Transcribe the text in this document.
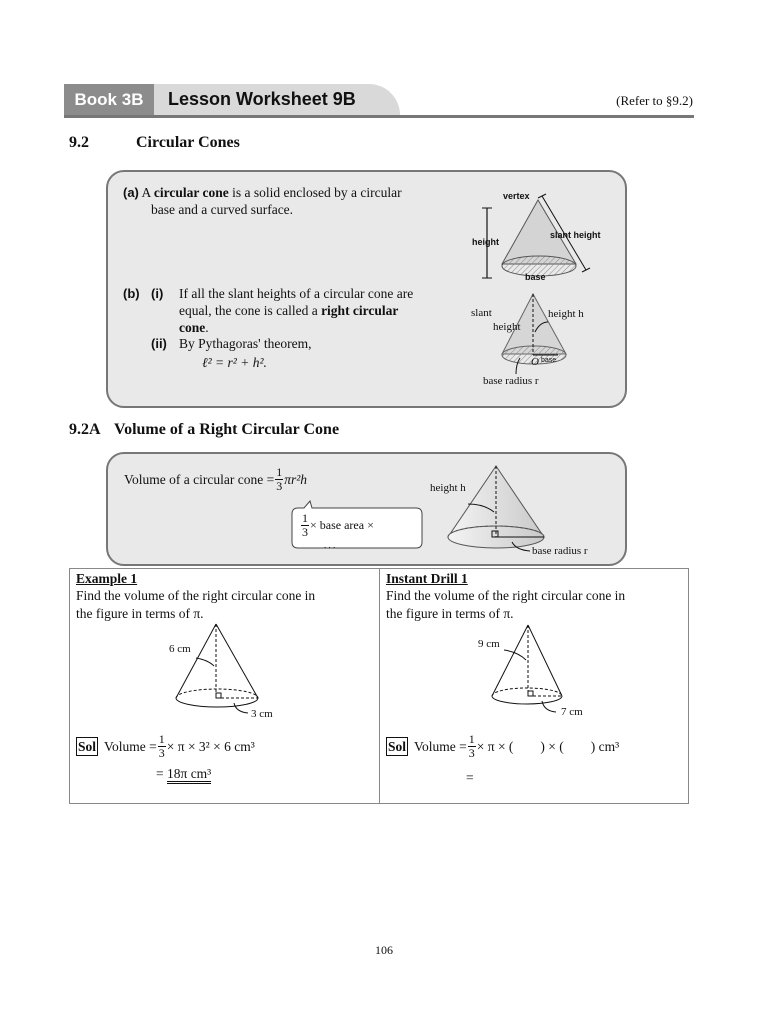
Book 3B	Lesson Worksheet 9B	(Refer to §9.2)
9.2	Circular Cones
(a) A circular cone is a solid enclosed by a circular
base and a curved surface.
(b) (i) If all the slant heights of a circular cone are
equal, the cone is called a right circular
cone.
(ii) By Pythagoras' theorem,
ℓ² = r² + h².
vertex
slant height
height
base
slant
height
height h
O base
base radius r
9.2A Volume of a Right Circular Cone
Volume of a circular cone = $\frac{1}{3} \pi r^2h$
$\frac{1}{3}$ × base area ×
. . .
height h
base radius r

Example 1
Find the volume of the right circular cone in
the figure in terms of π.
6 cm
3 cm
Sol Volume = $\frac{1}{3} \times \pi \times 3^2 \times 6$ cm³
= 18π cm³
Instant Drill 1
Find the volume of the right circular cone in
the figure in terms of π.
9 cm
7 cm
Sol Volume = $\frac{1}{3} \times \pi$ × (        ) × (        ) cm³
=
106
